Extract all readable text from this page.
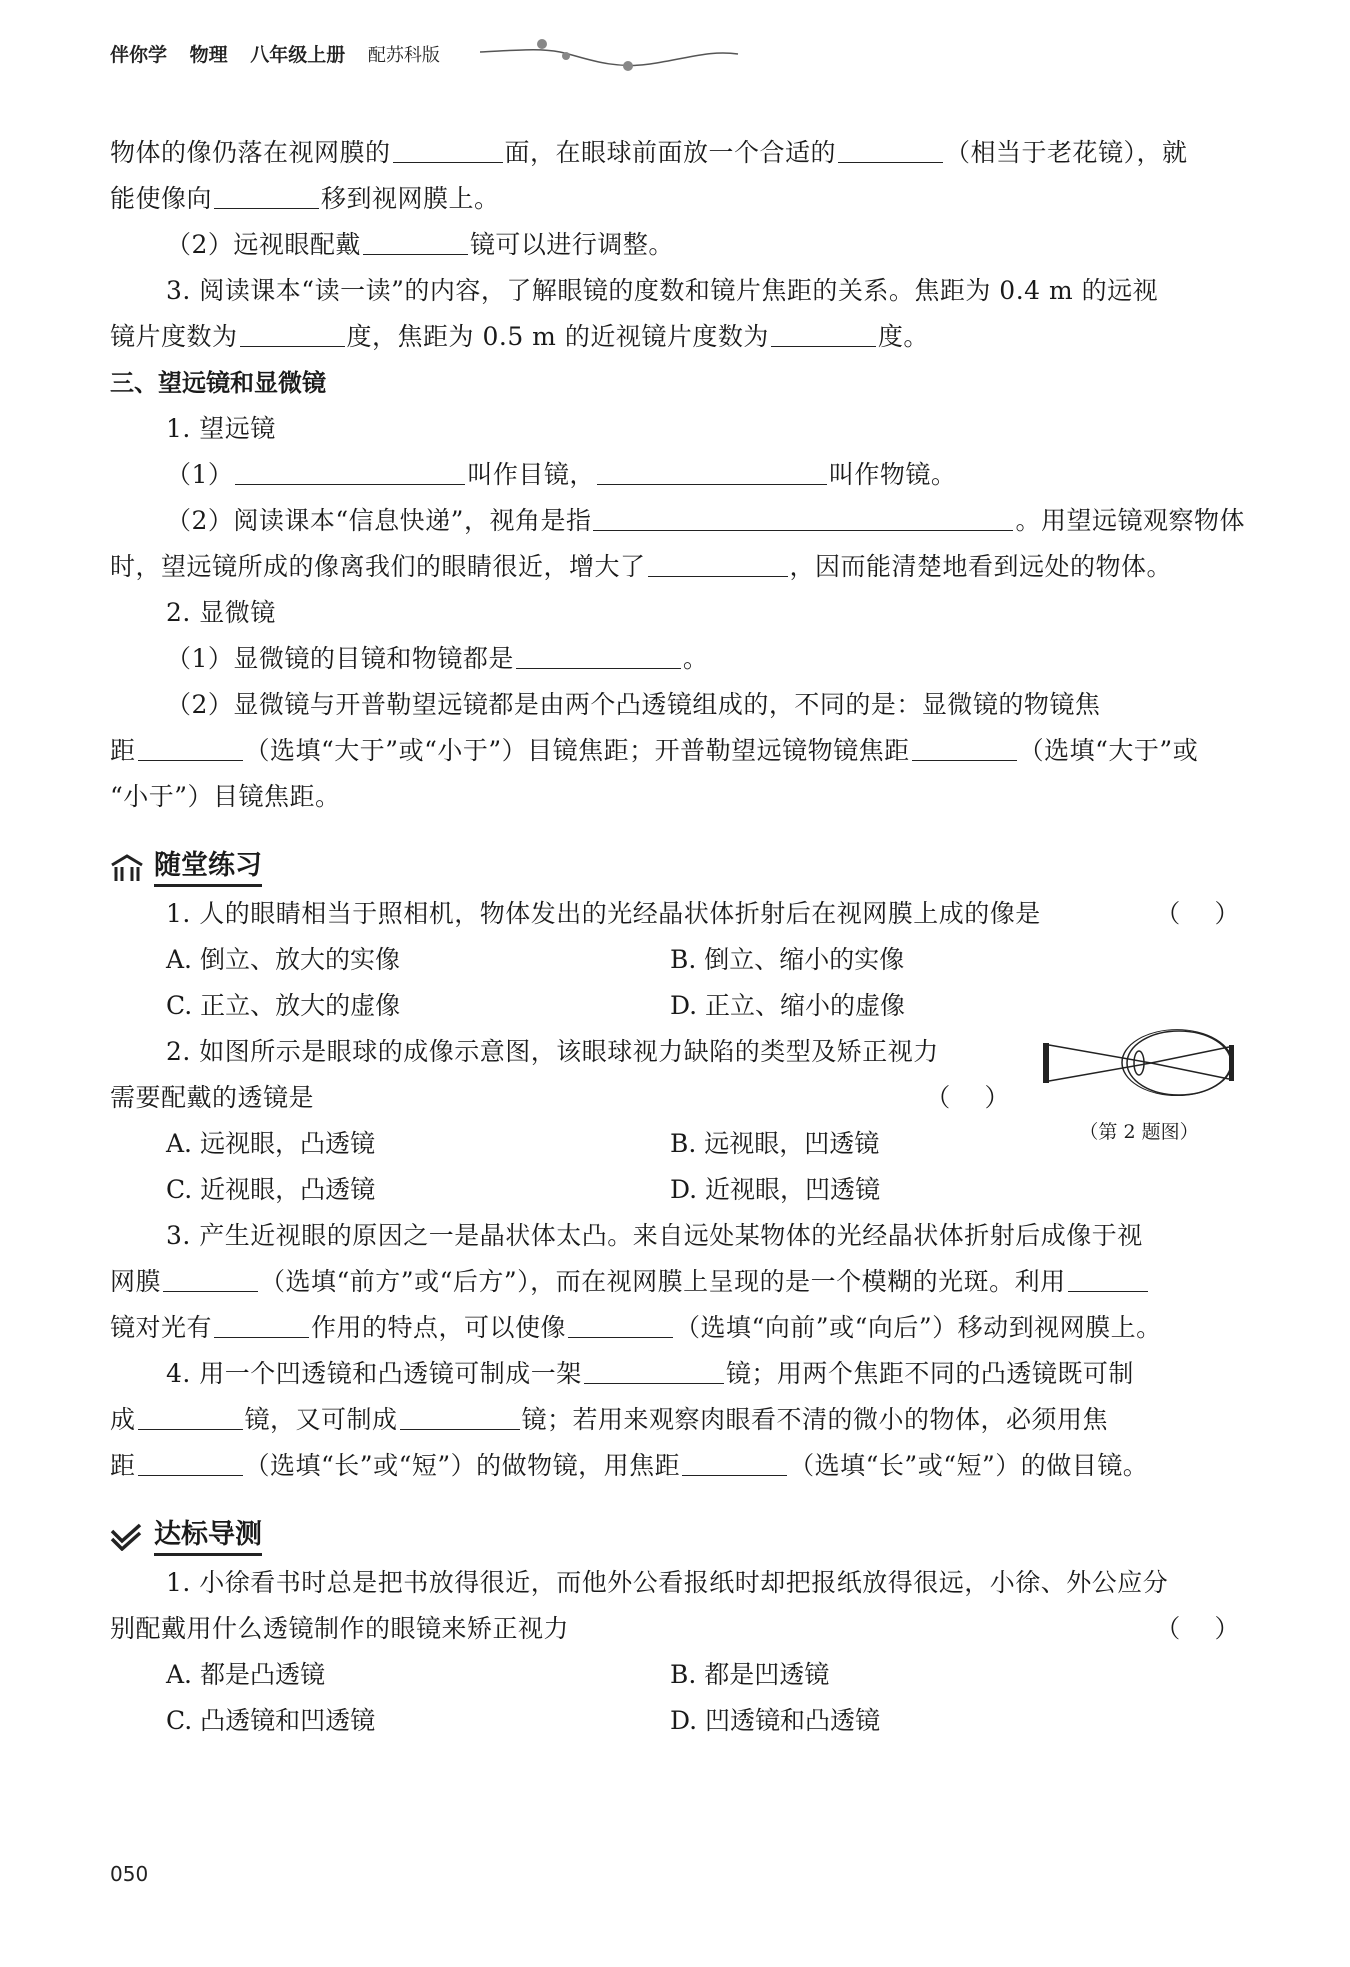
伴你学 物理 八年级上册 配苏科版
物体的像仍落在视网膜的	面，在眼球前面放一个合适的	（相当于老花镜），就
能使像向	移到视网膜上。
（2）远视眼配戴	镜可以进行调整。
3. 阅读课本“读一读”的内容，了解眼镜的度数和镜片焦距的关系。焦距为 0.4 m 的远视
镜片度数为	度，焦距为 0.5 m 的近视镜片度数为	度。
三、望远镜和显微镜
1. 望远镜
（1）	叫作目镜，	叫作物镜。
（2）阅读课本“信息快递”，视角是指	。用望远镜观察物体
时，望远镜所成的像离我们的眼睛很近，增大了	，因而能清楚地看到远处的物体。
2. 显微镜
（1）显微镜的目镜和物镜都是	。
（2）显微镜与开普勒望远镜都是由两个凸透镜组成的，不同的是：显微镜的物镜焦
距	（选填“大于”或“小于”）目镜焦距；开普勒望远镜物镜焦距	（选填“大于”或
“小于”）目镜焦距。
随堂练习
1. 人的眼睛相当于照相机，物体发出的光经晶状体折射后在视网膜上成的像是	（    ）
A. 倒立、放大的实像	B. 倒立、缩小的实像
C. 正立、放大的虚像	D. 正立、缩小的虚像
2. 如图所示是眼球的成像示意图，该眼球视力缺陷的类型及矫正视力
需要配戴的透镜是	（    ）
A. 远视眼，凸透镜	B. 远视眼，凹透镜
C. 近视眼，凸透镜	D. 近视眼，凹透镜
（第 2 题图）
3. 产生近视眼的原因之一是晶状体太凸。来自远处某物体的光经晶状体折射后成像于视
网膜	（选填“前方”或“后方”），而在视网膜上呈现的是一个模糊的光斑。利用
镜对光有	作用的特点，可以使像	（选填“向前”或“向后”）移动到视网膜上。
4. 用一个凹透镜和凸透镜可制成一架	镜；用两个焦距不同的凸透镜既可制
成	镜，又可制成	镜；若用来观察肉眼看不清的微小的物体，必须用焦
距	（选填“长”或“短”）的做物镜，用焦距	（选填“长”或“短”）的做目镜。
达标导测
1. 小徐看书时总是把书放得很近，而他外公看报纸时却把报纸放得很远，小徐、外公应分
别配戴用什么透镜制作的眼镜来矫正视力	（    ）
A. 都是凸透镜	B. 都是凹透镜
C. 凸透镜和凹透镜	D. 凹透镜和凸透镜
050
